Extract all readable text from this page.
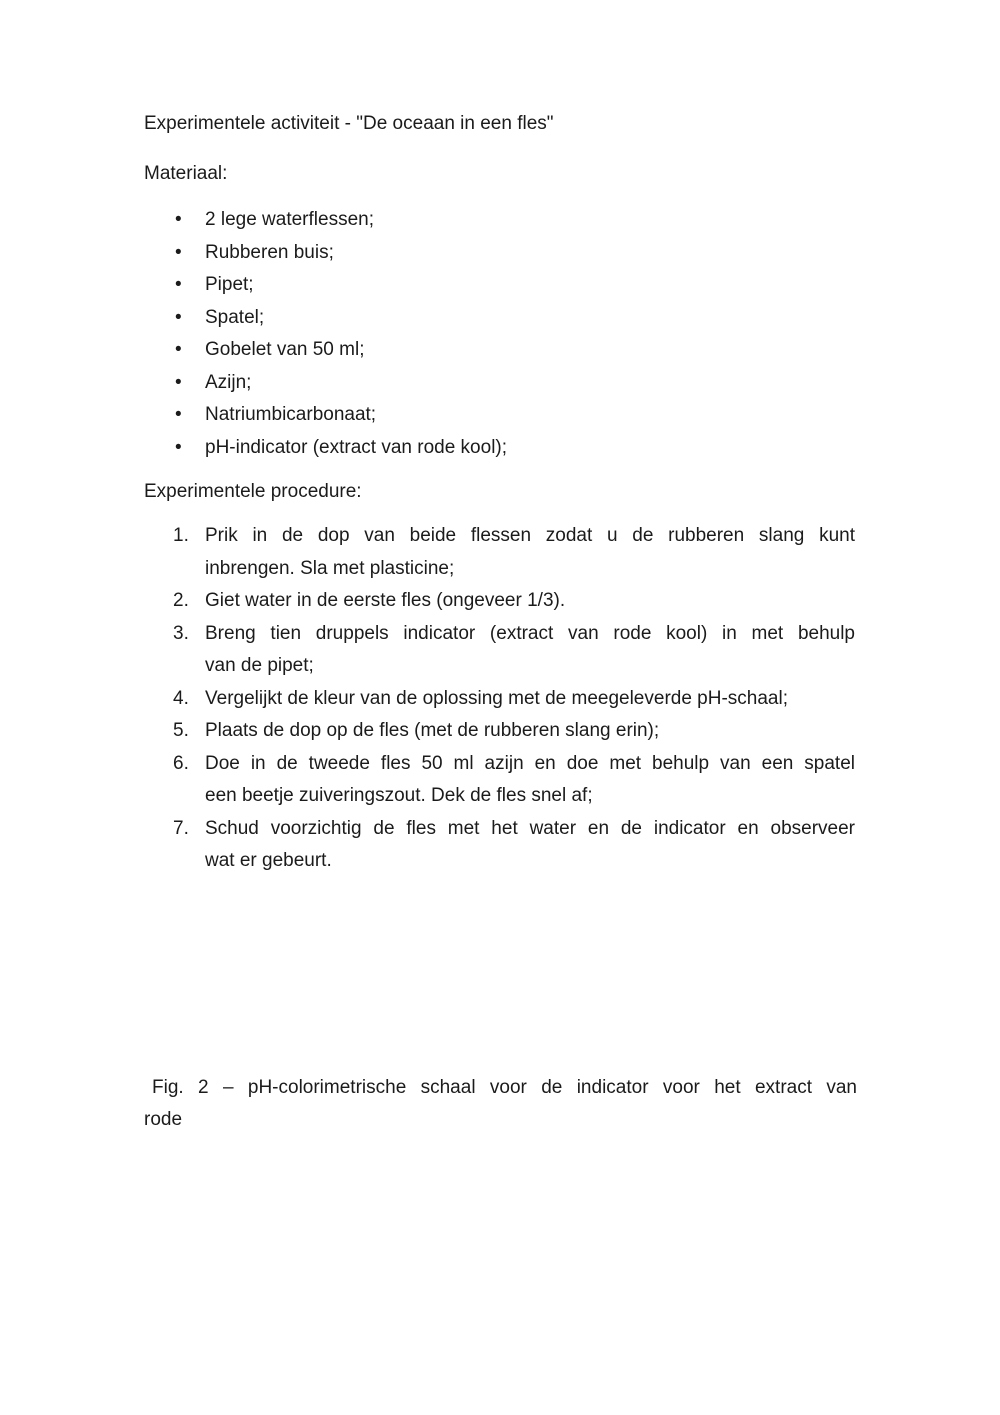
Experimentele activiteit - "De oceaan in een fles"
Materiaal:
• 2 lege waterflessen;
• Rubberen buis;
• Pipet;
• Spatel;
• Gobelet van 50 ml;
• Azijn;
• Natriumbicarbonaat;
• pH-indicator (extract van rode kool);
Experimentele procedure:
1. Prik in de dop van beide flessen zodat u de rubberen slang kunt
inbrengen. Sla met plasticine;
2. Giet water in de eerste fles (ongeveer 1/3).
3. Breng tien druppels indicator (extract van rode kool) in met behulp
van de pipet;
4. Vergelijkt de kleur van de oplossing met de meegeleverde pH-schaal;
5. Plaats de dop op de fles (met de rubberen slang erin);
6. Doe in de tweede fles 50 ml azijn en doe met behulp van een spatel
een beetje zuiveringszout. Dek de fles snel af;
7. Schud voorzichtig de fles met het water en de indicator en observeer
wat er gebeurt.
Fig. 2 – pH-colorimetrische schaal voor de indicator voor het extract van
rode
